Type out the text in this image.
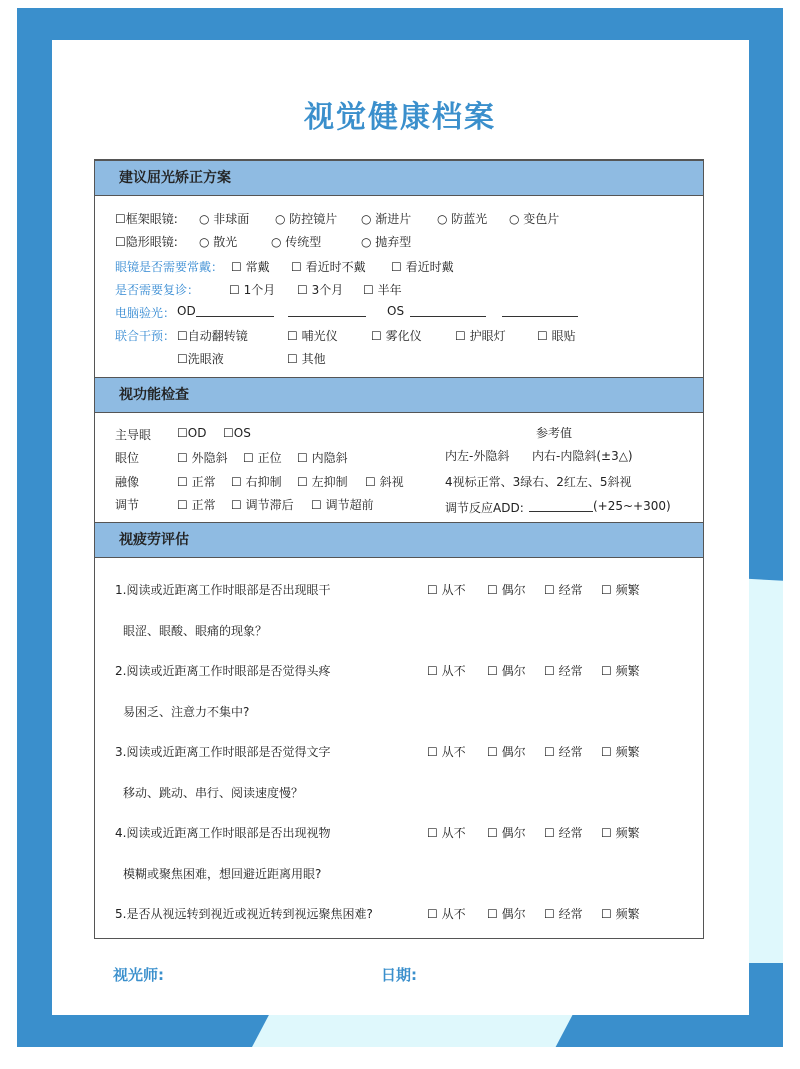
视觉健康档案
建议屈光矫正方案
☐框架眼镜: ○ 非球面 ○ 防控镜片 ○ 渐进片 ○ 防蓝光 ○ 变色片
☐隐形眼镜: ○ 散光	○ 传统型	○ 抛弃型
眼镜是否需要常戴： ☐ 常戴 ☐ 看近时不戴 ☐ 看近时戴
是否需要复诊： ☐ 1个月 ☐ 3个月 ☐ 半年
电脑验光： OD	OS
联合干预： ☐自动翻转镜	☐ 哺光仪	☐ 雾化仪	☐ 护眼灯	☐ 眼贴
☐洗眼液	☐ 其他
视功能检查
参考值
主导眼 ☐OD ☐OS
眼位	☐ 外隐斜 ☐ 正位 ☐ 内隐斜	内左-外隐斜 内右-内隐斜(±3△)
融像	☐ 正常 ☐ 右抑制 ☐ 左抑制 ☐ 斜视	4视标正常、3绿右、2红左、5斜视
调节	☐ 正常 ☐ 调节滞后 ☐ 调节超前	调节反应ADD:	(+25~+300)
视疲劳评估
1.阅读或近距离工作时眼部是否出现眼干	☐ 从不 ☐ 偶尔 ☐ 经常 ☐ 频繁
眼涩、眼酸、眼痛的现象？
2.阅读或近距离工作时眼部是否觉得头疼	☐ 从不 ☐ 偶尔 ☐ 经常 ☐ 频繁
易困乏、注意力不集中?
3.阅读或近距离工作时眼部是否觉得文字	☐ 从不 ☐ 偶尔 ☐ 经常 ☐ 频繁
移动、跳动、串行、阅读速度慢？
4.阅读或近距离工作时眼部是否出现视物	☐ 从不 ☐ 偶尔 ☐ 经常 ☐ 频繁
模糊或聚焦困难，想回避近距离用眼?
5.是否从视远转到视近或视近转到视远聚焦困难?	☐ 从不 ☐ 偶尔 ☐ 经常 ☐ 频繁
视光师:	日期:
